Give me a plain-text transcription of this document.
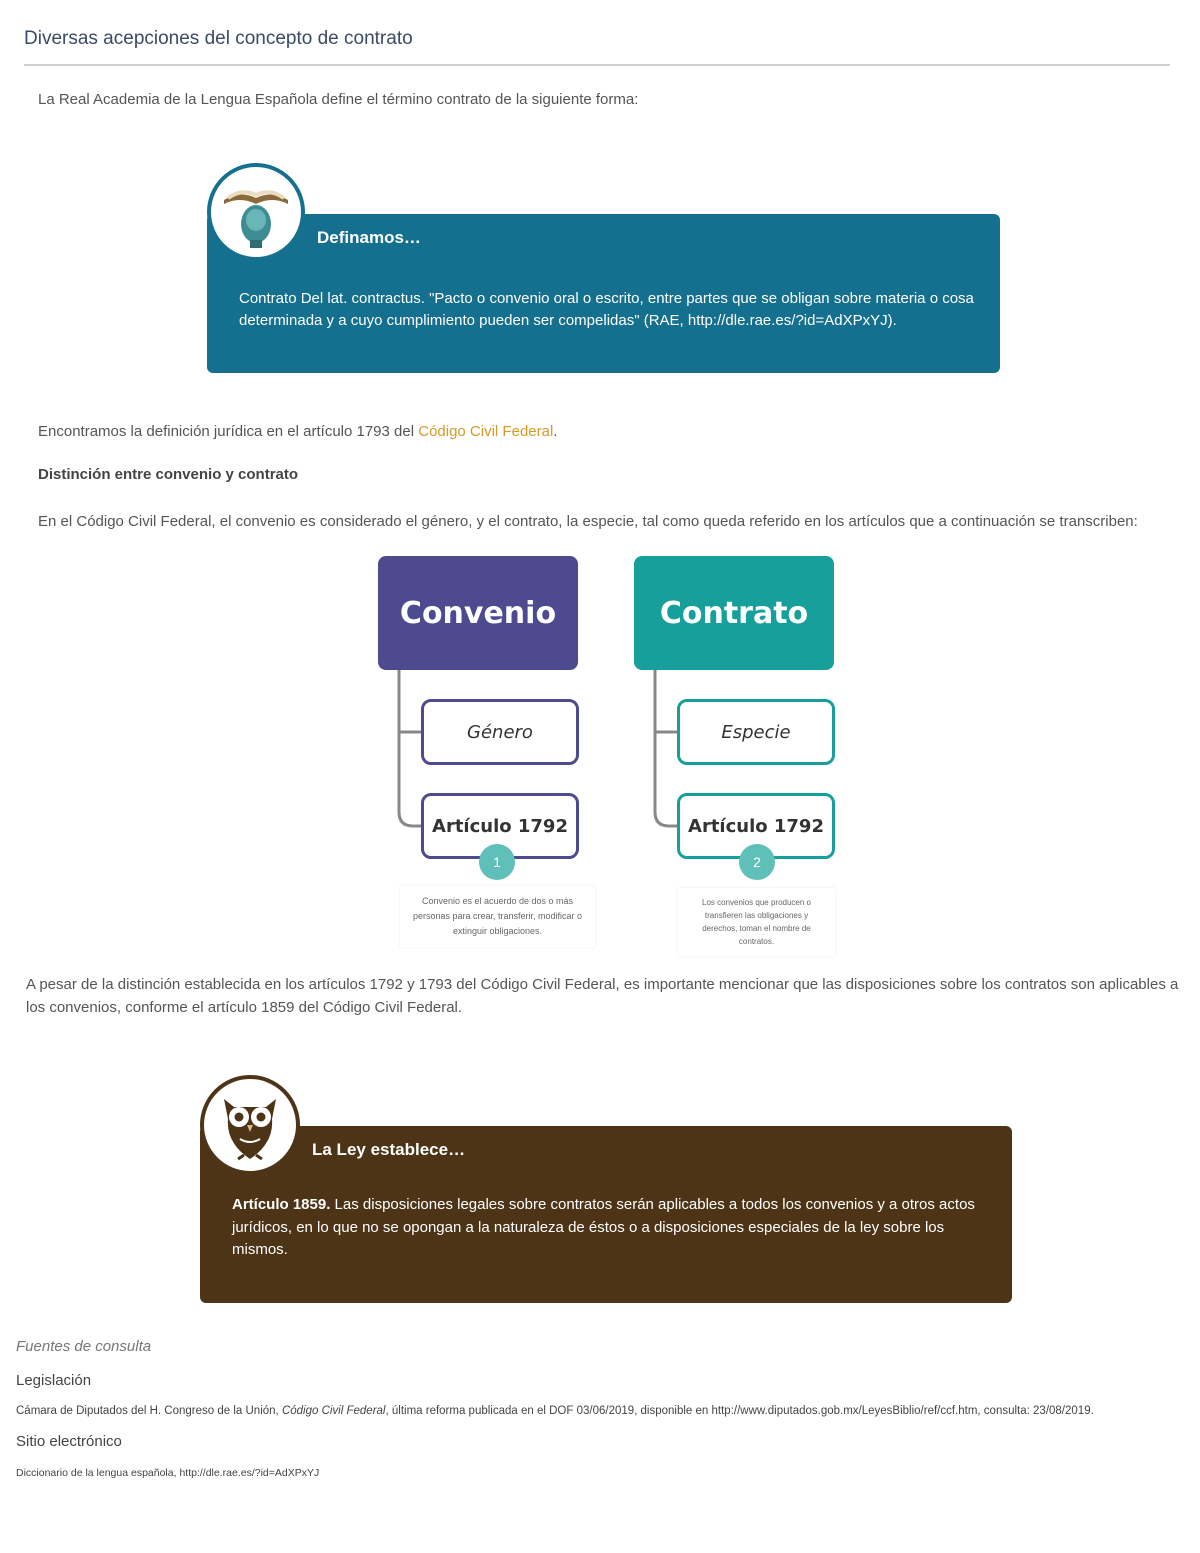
Diversas acepciones del concepto de contrato
La Real Academia de la Lengua Española define el término contrato de la siguiente forma:
Definamos…
Contrato Del lat. contractus. "Pacto o convenio oral o escrito, entre partes que se obligan sobre materia o cosa determinada y a cuyo cumplimiento pueden ser compelidas" (RAE, http://dle.rae.es/?id=AdXPxYJ).
Encontramos la definición jurídica en el artículo 1793 del Código Civil Federal.
Distinción entre convenio y contrato
En el Código Civil Federal, el convenio es considerado el género, y el contrato, la especie, tal como queda referido en los artículos que a continuación se transcriben:
Convenio
Género
Artículo 1792
1
Convenio es el acuerdo de dos o más personas para crear, transferir, modificar o extinguir obligaciones.
Contrato
Especie
Artículo 1792
2
Los convenios que producen o transfieren las obligaciones y derechos, toman el nombre de contratos.
A pesar de la distinción establecida en los artículos 1792 y 1793 del Código Civil Federal, es importante mencionar que las disposiciones sobre los contratos son aplicables a los convenios, conforme el artículo 1859 del Código Civil Federal.
La Ley establece…
Artículo 1859. Las disposiciones legales sobre contratos serán aplicables a todos los convenios y a otros actos jurídicos, en lo que no se opongan a la naturaleza de éstos o a disposiciones especiales de la ley sobre los mismos.
Fuentes de consulta
Legislación
Cámara de Diputados del H. Congreso de la Unión, Código Civil Federal, última reforma publicada en el DOF 03/06/2019, disponible en http://www.diputados.gob.mx/LeyesBiblio/ref/ccf.htm, consulta: 23/08/2019.
Sitio electrónico
Diccionario de la lengua española, http://dle.rae.es/?id=AdXPxYJ
